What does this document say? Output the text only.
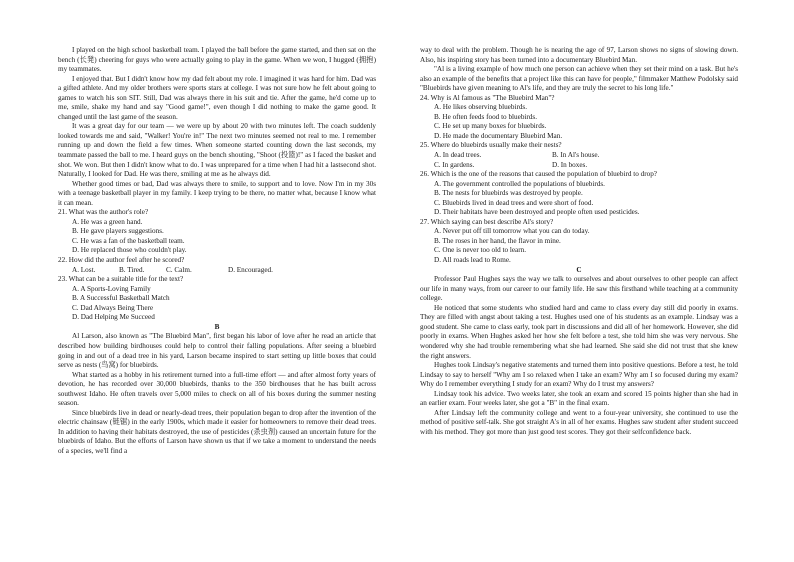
I played on the high school basketball team. I played the ball before the game started, and then sat on the bench (长凳) cheering for guys who were actually going to play in the game. When we won, I hugged (拥抱) my teammates.

I enjoyed that. But I didn't know how my dad felt about my role. I imagined it was hard for him. Dad was a gifted athlete. And my older brothers were sports stars at college. I was not sure how he felt about going to games to watch his son SIT. Still, Dad was always there in his suit and tie. After the game, he'd come up to me, smile, shake my hand and say "Good game!", even though I did nothing to make the game good. It changed until the last game of the season.

It was a great day for our team — we were up by about 20 with two minutes left. The coach suddenly looked towards me and said, "Walker! You're in!" The next two minutes seemed not real to me. I remember running up and down the field a few times. When someone started counting down the last seconds, my teammate passed the ball to me. I heard guys on the bench shouting, "Shoot (投篮)!" as I faced the basket and shot. We won. But then I didn't know what to do. I was unprepared for a time when I had hit a lastsecond shot. Naturally, I looked for Dad. He was there, smiling at me as he always did.

Whether good times or bad, Dad was always there to smile, to support and to love. Now I'm in my 30s with a teenage basketball player in my family. I keep trying to be there, no matter what, because I know what it can mean.

21. What was the author's role?

A. He was a green hand.

B. He gave players suggestions.

C. He was a fan of the basketball team.

D. He replaced those who couldn't play.

22. How did the author feel after he scored?

A. Lost.	B. Tired.	C. Calm.	D. Encouraged.

23. What can be a suitable title for the text?

A. A Sports-Loving Family

B. A Successful Basketball Match

C. Dad Always Being There

D. Dad Helping Me Succeed

B

Al Larson, also known as "The Bluebird Man", first began his labor of love after he read an article that described how building birdhouses could help to control their falling populations. After seeing a bluebird going in and out of a dead tree in his yard, Larson became inspired to start setting up little boxes that could serve as nests (鸟窝) for bluebirds.

What started as a hobby in his retirement turned into a full-time effort — and after almost forty years of devotion, he has recorded over 30,000 bluebirds, thanks to the 350 birdhouses that he has built across southwest Idaho. He often travels over 5,000 miles to check on all of his boxes during the summer nesting season.

Since bluebirds live in dead or nearly-dead trees, their population began to drop after the invention of the electric chainsaw (链锯) in the early 1900s, which made it easier for homeowners to remove their dead trees. In addition to having their habitats destroyed, the use of pesticides (杀虫剂) caused an uncertain future for the bluebirds of Idaho. But the efforts of Larson have shown us that if we take a moment to understand the needs of a species, we'll find a

way to deal with the problem. Though he is nearing the age of 97, Larson shows no signs of slowing down. Also, his inspiring story has been turned into a documentary Bluebird Man.

"Al is a living example of how much one person can achieve when they set their mind on a task. But he's also an example of the benefits that a project like this can have for people," filmmaker Matthew Podolsky said "Bluebirds have given meaning to Al's life, and they are truly the secret to his long life."

24. Why is Al famous as "The Bluebird Man"?

A. He likes observing bluebirds.

B. He often feeds food to bluebirds.

C. He set up many boxes for bluebirds.

D. He made the documentary Bluebird Man.

25. Where do bluebirds usually make their nests?

A. In dead trees.	B. In Al's house.
C. In gardens.	D. In boxes.

26. Which is the one of the reasons that caused the population of bluebird to drop?

A. The government controlled the populations of bluebirds.

B. The nests for bluebirds was destroyed by people.

C. Bluebirds lived in dead trees and were short of food.

D. Their habitats have been destroyed and people often used pesticides.

27. Which saying can best describe Al's story?

A. Never put off till tomorrow what you can do today.

B. The roses in her hand, the flavor in mine.

C. One is never too old to learn.

D. All roads lead to Rome.

C

Professor Paul Hughes says the way we talk to ourselves and about ourselves to other people can affect our life in many ways, from our career to our family life. He saw this firsthand while teaching at a community college.

He noticed that some students who studied hard and came to class every day still did poorly in exams. They are filled with angst about taking a test. Hughes used one of his students as an example. Lindsay was a good student. She came to class early, took part in discussions and did all of her homework. However, she did poorly in exams. When Hughes asked her how she felt before a test, she told him she was very nervous. She wondered why she had trouble remembering what she had learned. She said she did not trust that she knew the right answers.

Hughes took Lindsay's negative statements and turned them into positive questions. Before a test, he told Lindsay to say to herself "Why am I so relaxed when I take an exam? Why am I so focused during my exam? Why do I remember everything I study for an exam? Why do I trust my answers?

Lindsay took his advice. Two weeks later, she took an exam and scored 15 points higher than she had in an earlier exam. Four weeks later, she got a "B" in the final exam.

After Lindsay left the community college and went to a four-year university, she continued to use the method of positive self-talk. She got straight A's in all of her exams. Hughes saw student after student succeed with his method. They got more than just good test scores. They got their selfconfidence back.
